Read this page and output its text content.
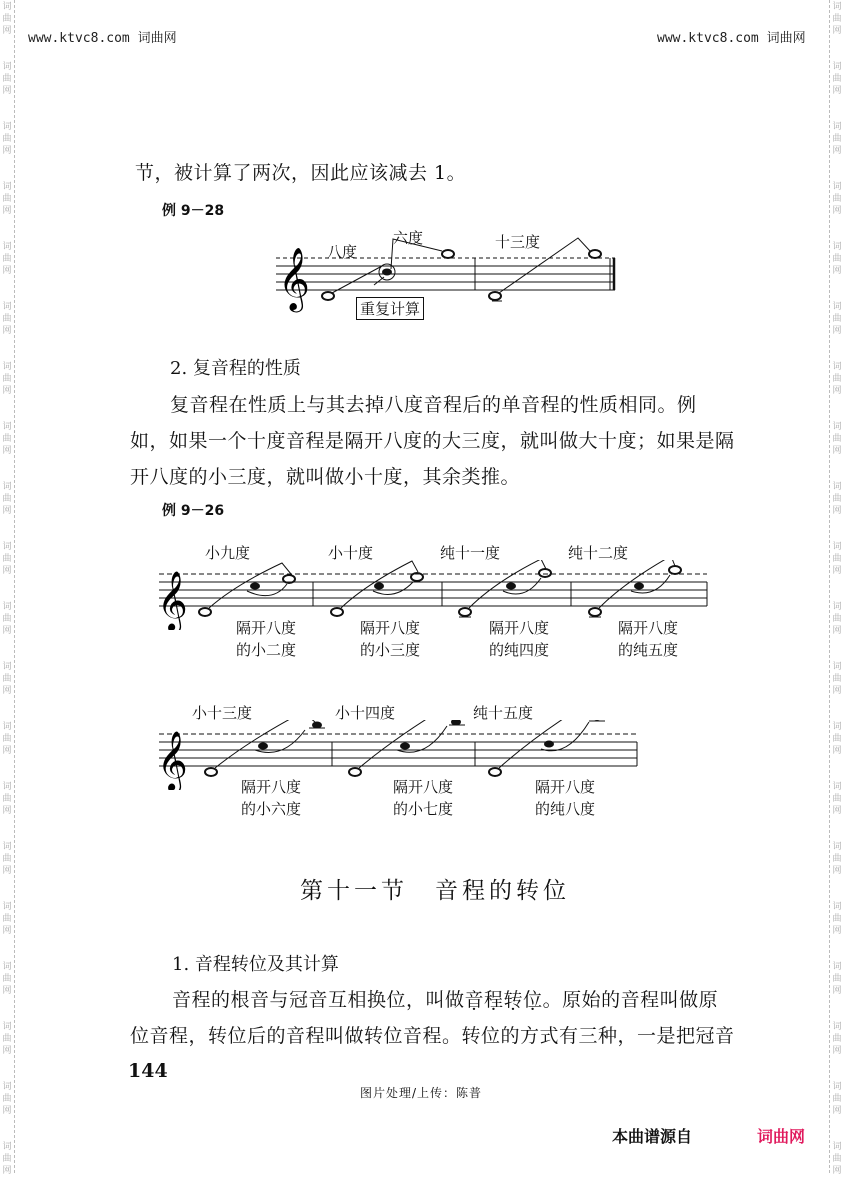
词
曲
网
词
曲
网
词
曲
网
词
曲
网
词
曲
网
词
曲
网
词
曲
网
词
曲
网
词
曲
网
词
曲
网
词
曲
网
词
曲
网
词
曲
网
词
曲
网
词
曲
网
词
曲
网
词
曲
网
词
曲
网
词
曲
网
词
曲
网
词
曲
网
词
曲
网
词
曲
网
词
曲
网
词
曲
网
词
曲
网
词
曲
网
词
曲
网
词
曲
网
词
曲
网
词
曲
网
词
曲
网
词
曲
网
词
曲
网
词
曲
网
词
曲
网
词
曲
网
词
曲
网
词
曲
网
词
曲
网
www.ktvc8.com 词曲网	www.ktvc8.com 词曲网
节，被计算了两次，因此应该减去 1。
例 9－28
𝄞 八度
六度	十三度
重复计算
2. 复音程的性质
复音程在性质上与其去掉八度音程后的单音程的性质相同。例
如，如果一个十度音程是隔开八度的大三度，就叫做大十度；如果是隔
开八度的小三度，就叫做小十度，其余类推。
例 9－26
𝄞
小九度
隔开八度
的小二度
小十度
隔开八度
的小三度
纯十一度
隔开八度
的纯四度
纯十二度
隔开八度
的纯五度
𝄞
小十三度
隔开八度
的小六度
小十四度
隔开八度
的小七度
纯十五度
隔开八度
的纯八度
第十一节　音程的转位
1. 音程转位及其计算
音程的根音与冠音互相换位，叫做音程转位。原始的音程叫做原
位音程，转位后的音程叫做转位音程。转位的方式有三种，一是把冠音
144
图片处理/上传：陈普
本曲谱源自	词曲网
